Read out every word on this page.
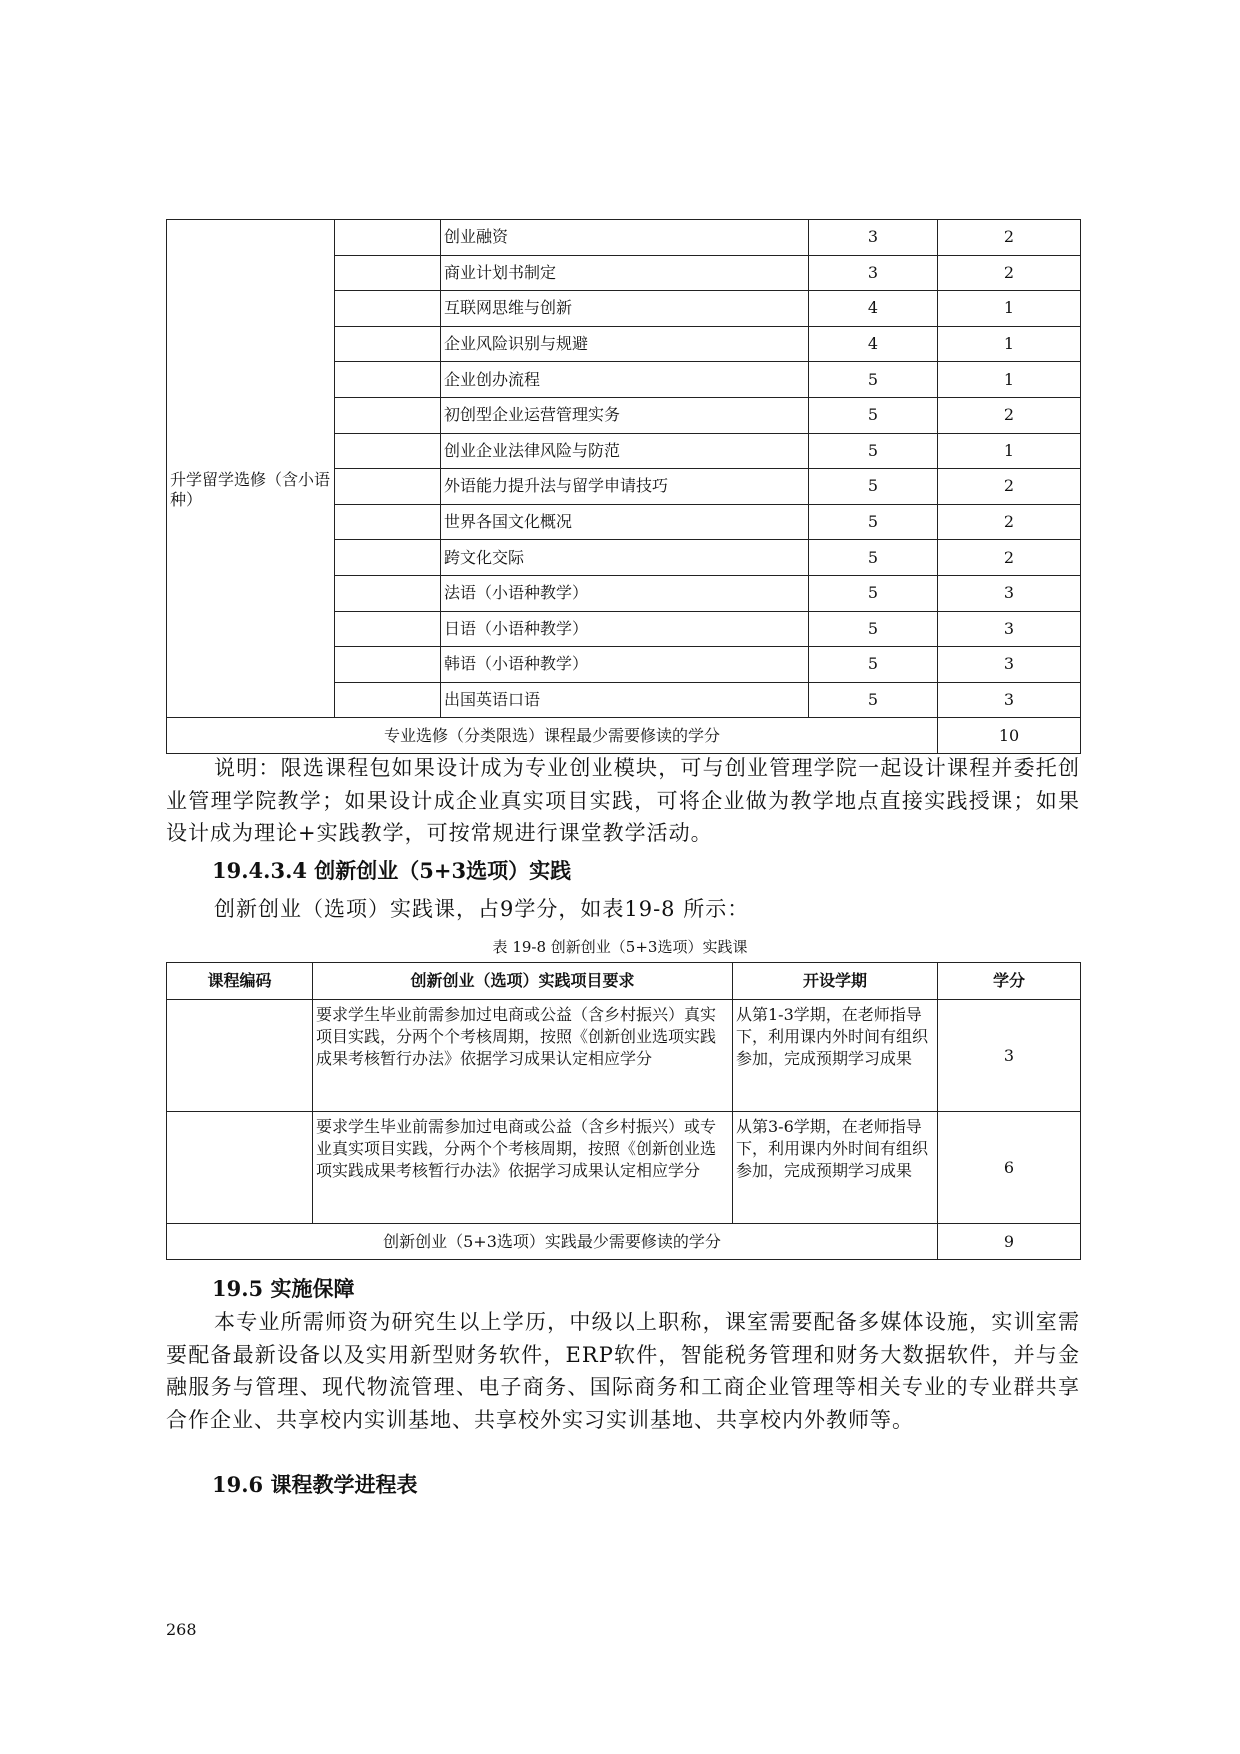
升学留学选修（含小语种）		创业融资	3	2
		商业计划书制定	3	2
		互联网思维与创新	4	1
		企业风险识别与规避	4	1
		企业创办流程	5	1
		初创型企业运营管理实务	5	2
		创业企业法律风险与防范	5	1
		外语能力提升法与留学申请技巧	5	2
		世界各国文化概况	5	2
		跨文化交际	5	2
		法语（小语种教学）	5	3
		日语（小语种教学）	5	3
		韩语（小语种教学）	5	3
		出国英语口语	5	3
专业选修（分类限选）课程最少需要修读的学分				10

说明：限选课程包如果设计成为专业创业模块，可与创业管理学院一起设计课程并委托创业管理学院教学；如果设计成企业真实项目实践，可将企业做为教学地点直接实践授课；如果设计成为理论+实践教学，可按常规进行课堂教学活动。

19.4.3.4 创新创业（5+3选项）实践

创新创业（选项）实践课，占9学分，如表19-8 所示：

表 19-8 创新创业（5+3选项）实践课

课程编码	创新创业（选项）实践项目要求	开设学期	学分
	要求学生毕业前需参加过电商或公益（含乡村振兴）真实项目实践，分两个个考核周期，按照《创新创业选项实践成果考核暂行办法》依据学习成果认定相应学分	从第1-3学期，在老师指导下，利用课内外时间有组织参加，完成预期学习成果	3
	要求学生毕业前需参加过电商或公益（含乡村振兴）或专业真实项目实践，分两个个考核周期，按照《创新创业选项实践成果考核暂行办法》依据学习成果认定相应学分	从第3-6学期，在老师指导下，利用课内外时间有组织参加，完成预期学习成果	6
创新创业（5+3选项）实践最少需要修读的学分			9

19.5 实施保障

本专业所需师资为研究生以上学历，中级以上职称，课室需要配备多媒体设施，实训室需要配备最新设备以及实用新型财务软件，ERP软件，智能税务管理和财务大数据软件，并与金融服务与管理、现代物流管理、电子商务、国际商务和工商企业管理等相关专业的专业群共享合作企业、共享校内实训基地、共享校外实习实训基地、共享校内外教师等。

19.6 课程教学进程表

268
